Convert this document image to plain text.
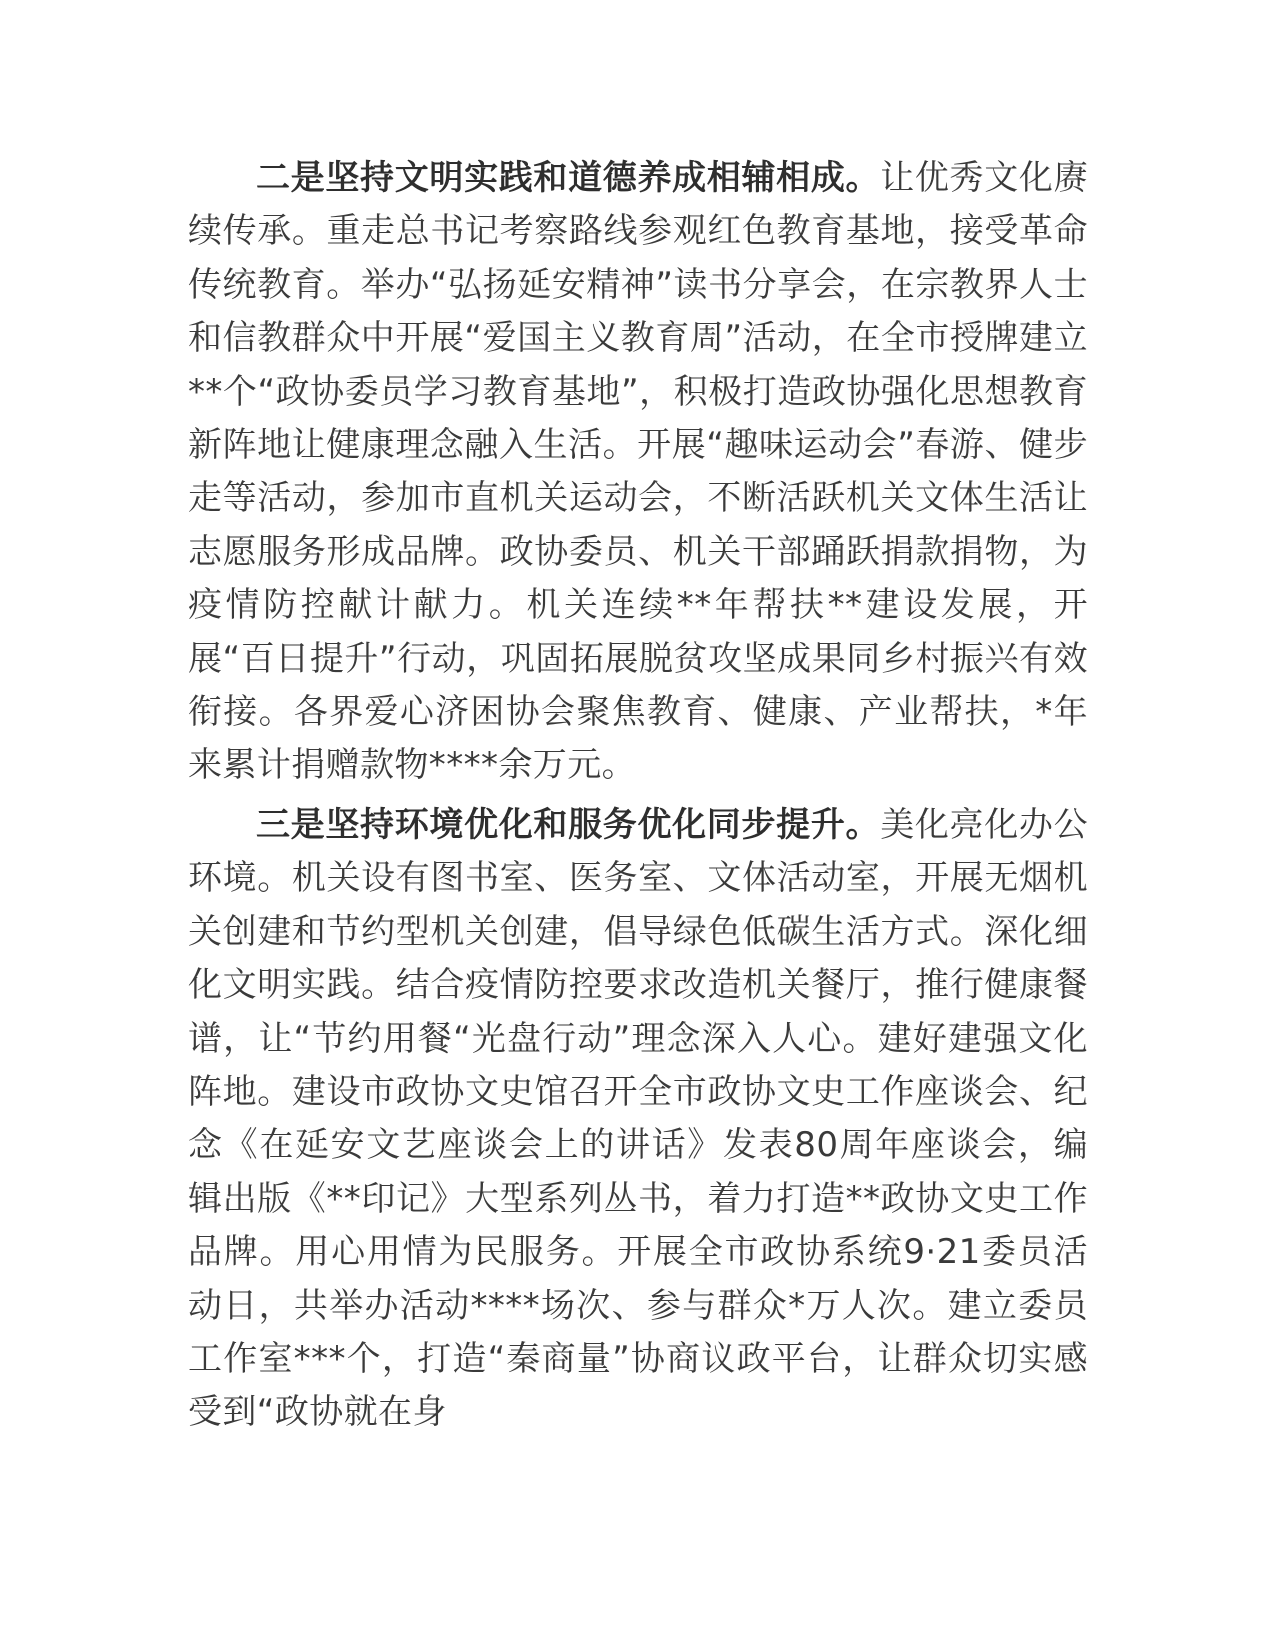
二是坚持文明实践和道德养成相辅相成。让优秀文化赓续传承。重走总书记考察路线参观红色教育基地，接受革命传统教育。举办“弘扬延安精神”读书分享会，在宗教界人士和信教群众中开展“爱国主义教育周”活动，在全市授牌建立**个“政协委员学习教育基地”，积极打造政协强化思想教育新阵地让健康理念融入生活。开展“趣味运动会”春游、健步走等活动，参加市直机关运动会，不断活跃机关文体生活让志愿服务形成品牌。政协委员、机关干部踊跃捐款捐物，为疫情防控献计献力。机关连续**年帮扶**建设发展，开展“百日提升”行动，巩固拓展脱贫攻坚成果同乡村振兴有效衔接。各界爱心济困协会聚焦教育、健康、产业帮扶，*年来累计捐赠款物****余万元。

三是坚持环境优化和服务优化同步提升。美化亮化办公环境。机关设有图书室、医务室、文体活动室，开展无烟机关创建和节约型机关创建，倡导绿色低碳生活方式。深化细化文明实践。结合疫情防控要求改造机关餐厅，推行健康餐谱，让“节约用餐“光盘行动”理念深入人心。建好建强文化阵地。建设市政协文史馆召开全市政协文史工作座谈会、纪念《在延安文艺座谈会上的讲话》发表80周年座谈会，编辑出版《**印记》大型系列丛书，着力打造**政协文史工作品牌。用心用情为民服务。开展全市政协系统9·21委员活动日，共举办活动****场次、参与群众*万人次。建立委员工作室***个，打造“秦商量”协商议政平台，让群众切实感受到“政协就在身
